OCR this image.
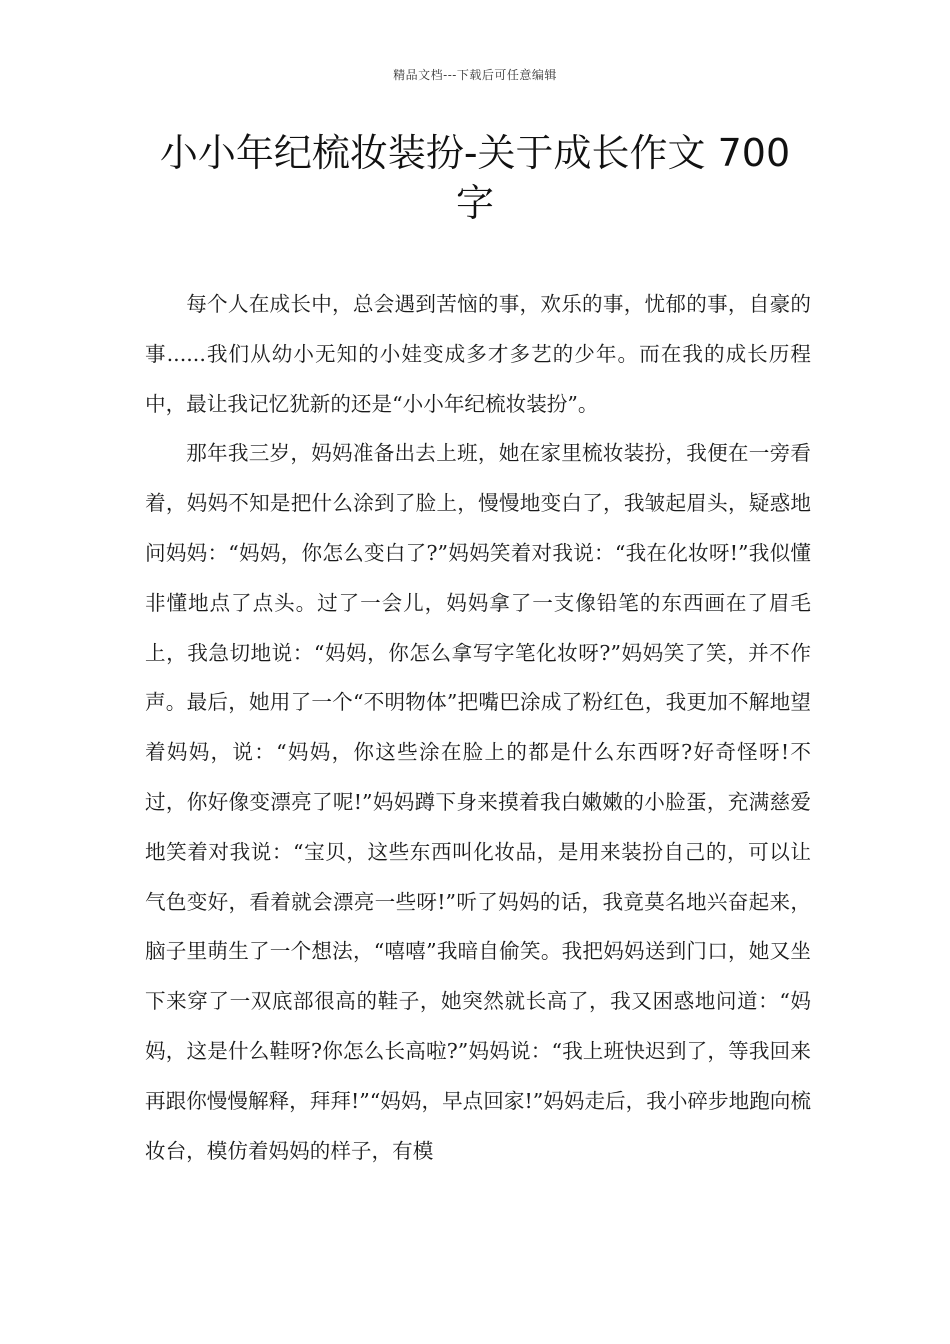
精品文档---下载后可任意编辑
小小年纪梳妆装扮-关于成长作文 700 字

每个人在成长中，总会遇到苦恼的事，欢乐的事，忧郁的事，自豪的事......我们从幼小无知的小娃变成多才多艺的少年。而在我的成长历程中，最让我记忆犹新的还是“小小年纪梳妆装扮”。

那年我三岁，妈妈准备出去上班，她在家里梳妆装扮，我便在一旁看着，妈妈不知是把什么涂到了脸上，慢慢地变白了，我皱起眉头，疑惑地问妈妈：“妈妈，你怎么变白了?”妈妈笑着对我说：“我在化妆呀!”我似懂非懂地点了点头。过了一会儿，妈妈拿了一支像铅笔的东西画在了眉毛上，我急切地说：“妈妈，你怎么拿写字笔化妆呀?”妈妈笑了笑，并不作声。最后，她用了一个“不明物体”把嘴巴涂成了粉红色，我更加不解地望着妈妈，说：“妈妈，你这些涂在脸上的都是什么东西呀?好奇怪呀!不过，你好像变漂亮了呢!”妈妈蹲下身来摸着我白嫩嫩的小脸蛋，充满慈爱地笑着对我说：“宝贝，这些东西叫化妆品，是用来装扮自己的，可以让气色变好，看着就会漂亮一些呀!”听了妈妈的话，我竟莫名地兴奋起来，脑子里萌生了一个想法，“嘻嘻”我暗自偷笑。我把妈妈送到门口，她又坐下来穿了一双底部很高的鞋子，她突然就长高了，我又困惑地问道：“妈妈，这是什么鞋呀?你怎么长高啦?”妈妈说：“我上班快迟到了，等我回来再跟你慢慢解释，拜拜!”“妈妈，早点回家!”妈妈走后，我小碎步地跑向梳妆台，模仿着妈妈的样子，有模
